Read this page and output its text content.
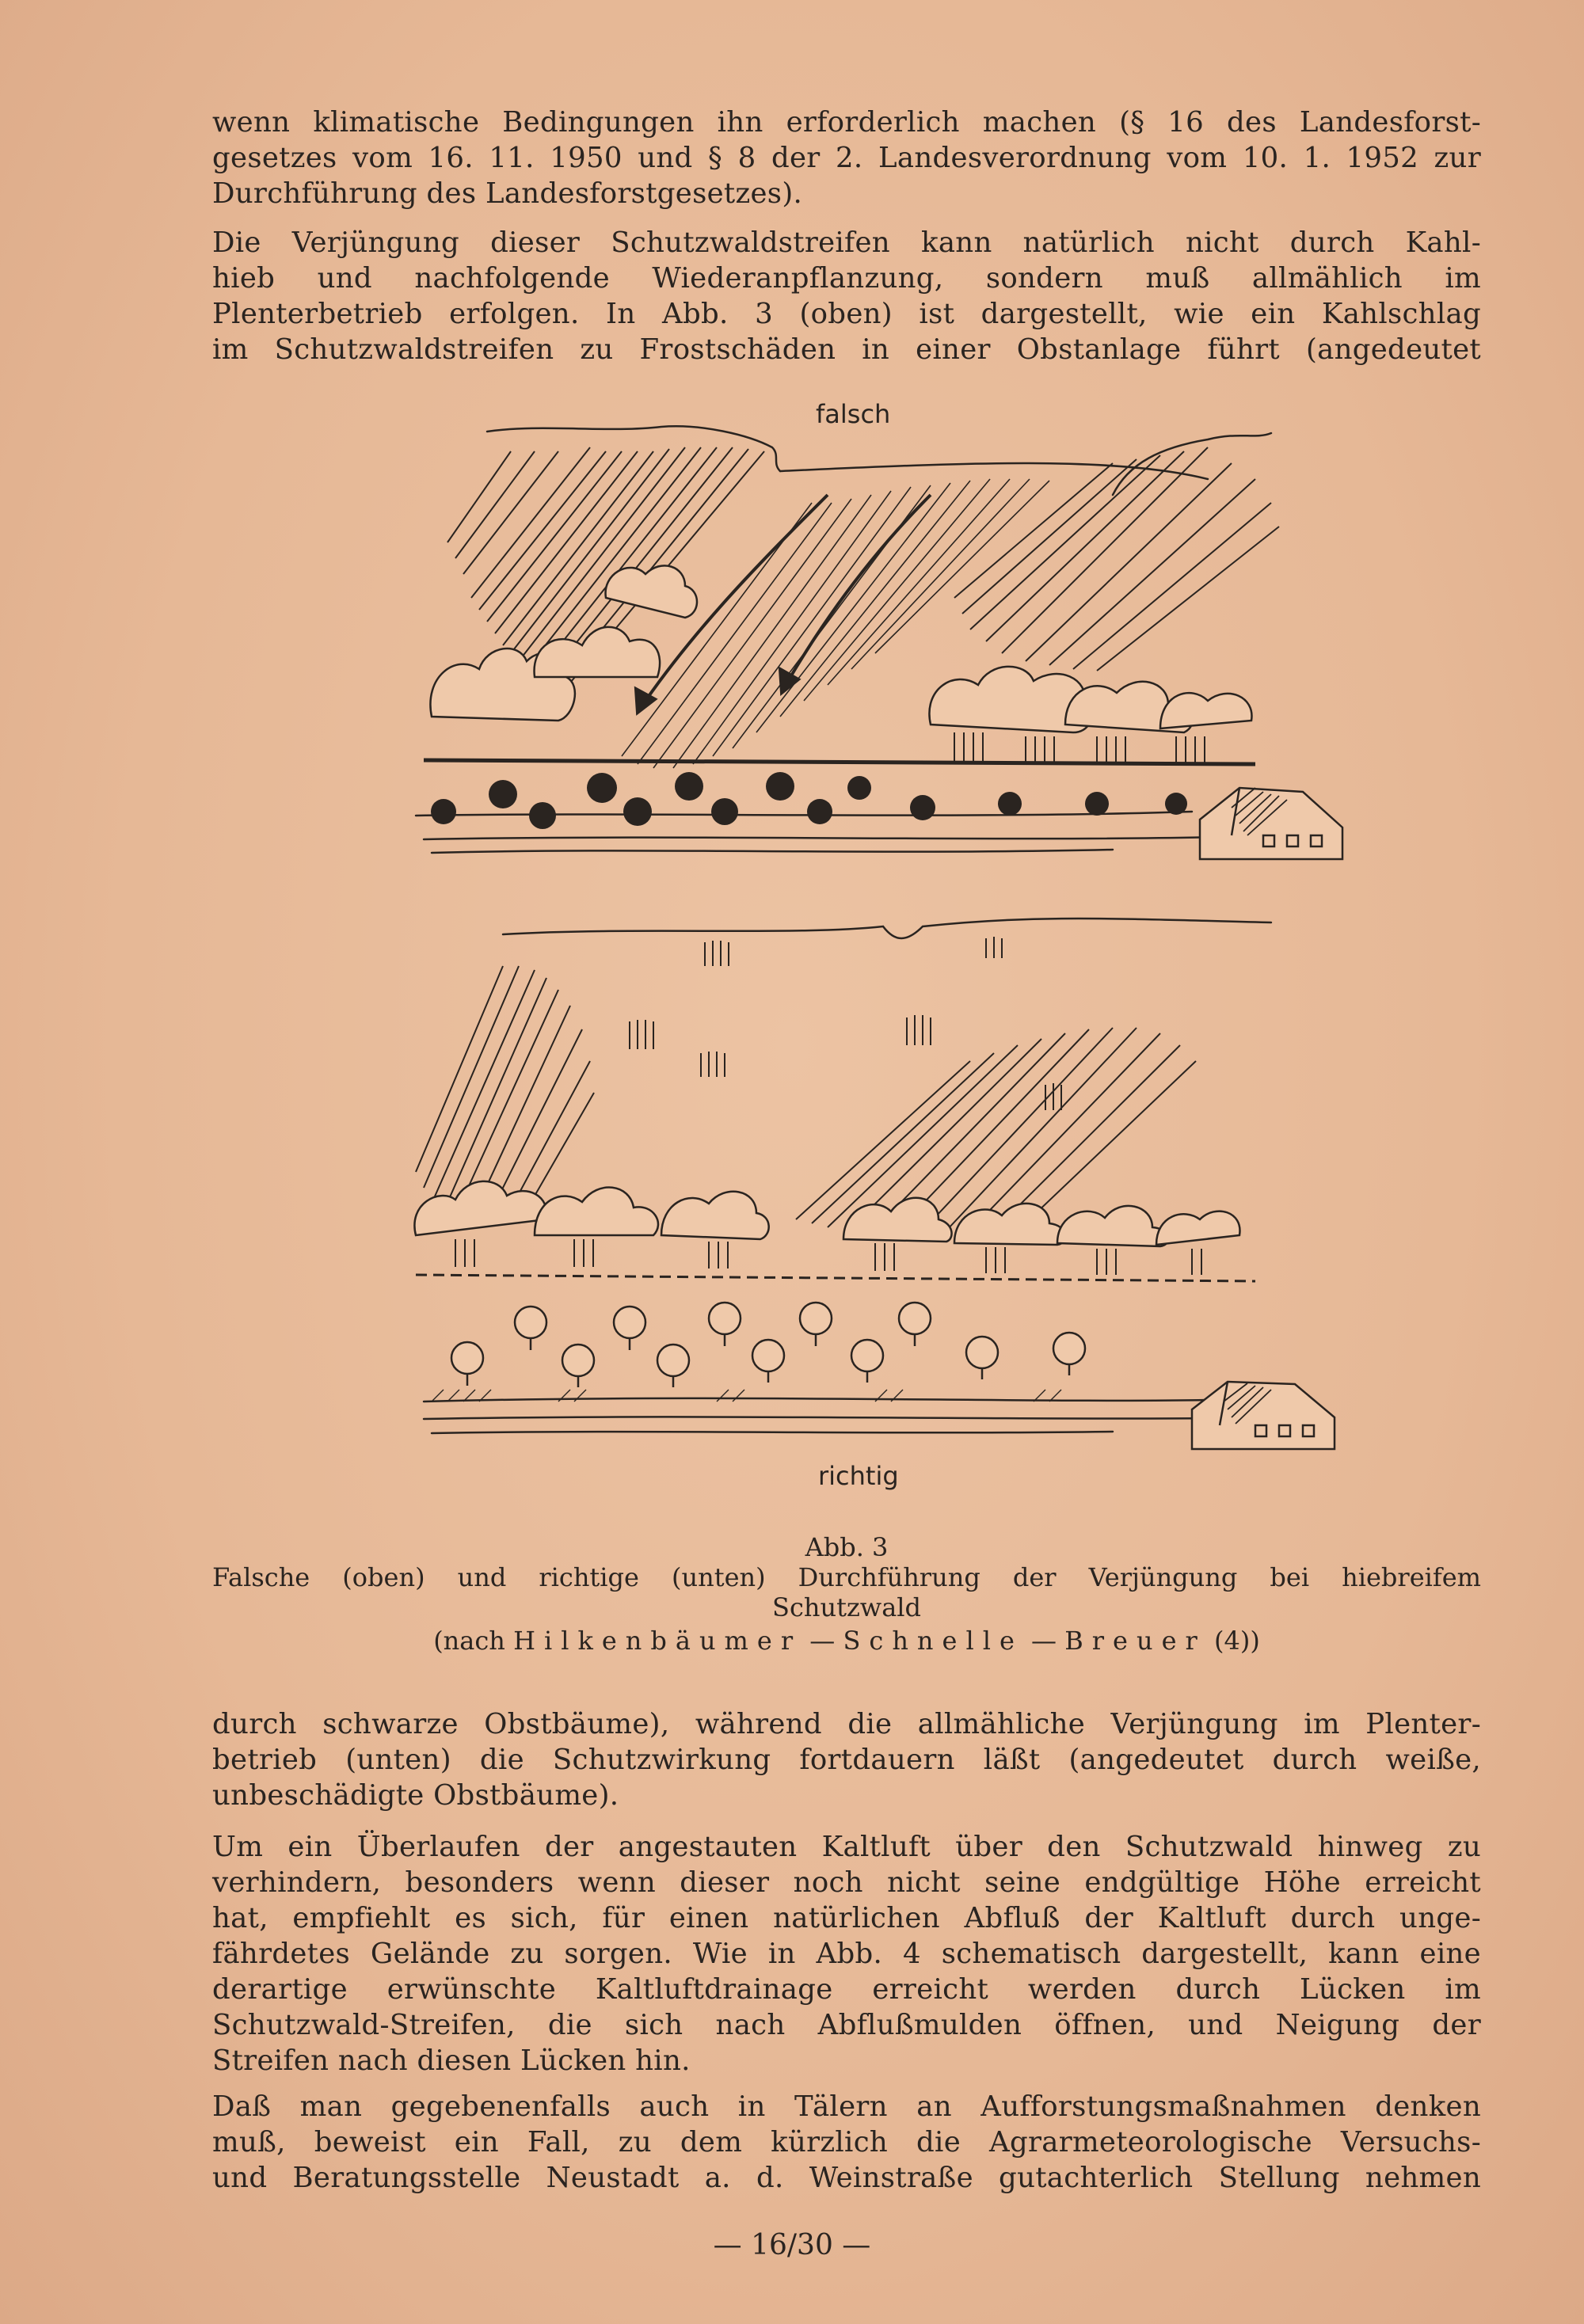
wenn klimatische Bedingungen ihn erforderlich machen (§ 16 des Landesforst-
gesetzes vom 16. 11. 1950 und § 8 der 2. Landesverordnung vom 10. 1. 1952 zur
Durchführung des Landesforstgesetzes).
Die Verjüngung dieser Schutzwaldstreifen kann natürlich nicht durch Kahl-
hieb und nachfolgende Wiederanpflanzung, sondern muß allmählich im
Plenterbetrieb erfolgen. In Abb. 3 (oben) ist dargestellt, wie ein Kahlschlag
im Schutzwaldstreifen zu Frostschäden in einer Obstanlage führt (angedeutet
falsch
richtig
Abb. 3
Falsche (oben) und richtige (unten) Durchführung der Verjüngung bei hiebreifem
Schutzwald
(nach Hilkenbäumer — Schnelle — Breuer (4))
durch schwarze Obstbäume), während die allmähliche Verjüngung im Plenter-
betrieb (unten) die Schutzwirkung fortdauern läßt (angedeutet durch weiße,
unbeschädigte Obstbäume).
Um ein Überlaufen der angestauten Kaltluft über den Schutzwald hinweg zu
verhindern, besonders wenn dieser noch nicht seine endgültige Höhe erreicht
hat, empfiehlt es sich, für einen natürlichen Abfluß der Kaltluft durch unge-
fährdetes Gelände zu sorgen. Wie in Abb. 4 schematisch dargestellt, kann eine
derartige erwünschte Kaltluftdrainage erreicht werden durch Lücken im
Schutzwald-Streifen, die sich nach Abflußmulden öffnen, und Neigung der
Streifen nach diesen Lücken hin.
Daß man gegebenenfalls auch in Tälern an Aufforstungsmaßnahmen denken
muß, beweist ein Fall, zu dem kürzlich die Agrarmeteorologische Versuchs-
und Beratungsstelle Neustadt a. d. Weinstraße gutachterlich Stellung nehmen
— 16/30 —
